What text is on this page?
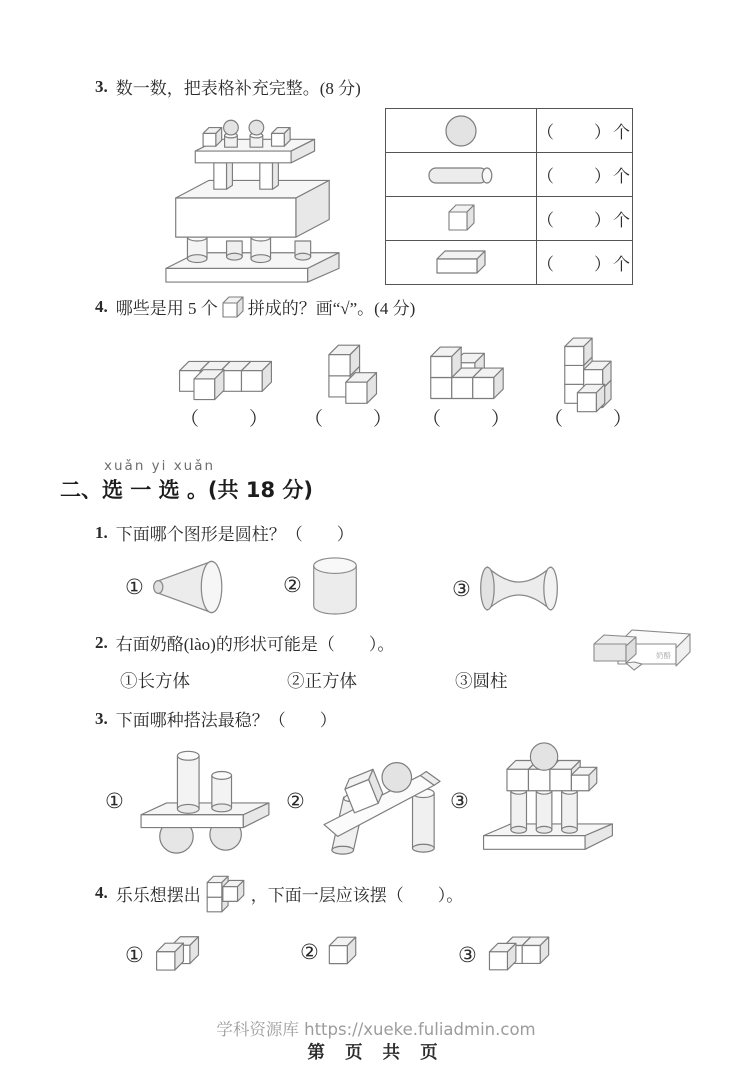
3. 数一数，把表格补充完整。(8 分)
（　　）个
（　　）个
（　　）个
（　　）个
4. 哪些是用 5 个 拼成的？画“√”。(4 分)
（　　）	（　　） （　　） （　　）
xuǎn yi xuǎn
二、选 一 选 。(共 18 分)
1. 下面哪个图形是圆柱？（　　）
①	②	③
2. 右面奶酪(lào)的形状可能是（　　）。
①长方体	②正方体	③圆柱
奶酪
3. 下面哪种搭法最稳？（　　）
①	②	③
4. 乐乐想摆出	，下面一层应该摆（　　）。
①	②	③
学科资源库 https://xueke.fuliadmin.com
第 页 共 页
